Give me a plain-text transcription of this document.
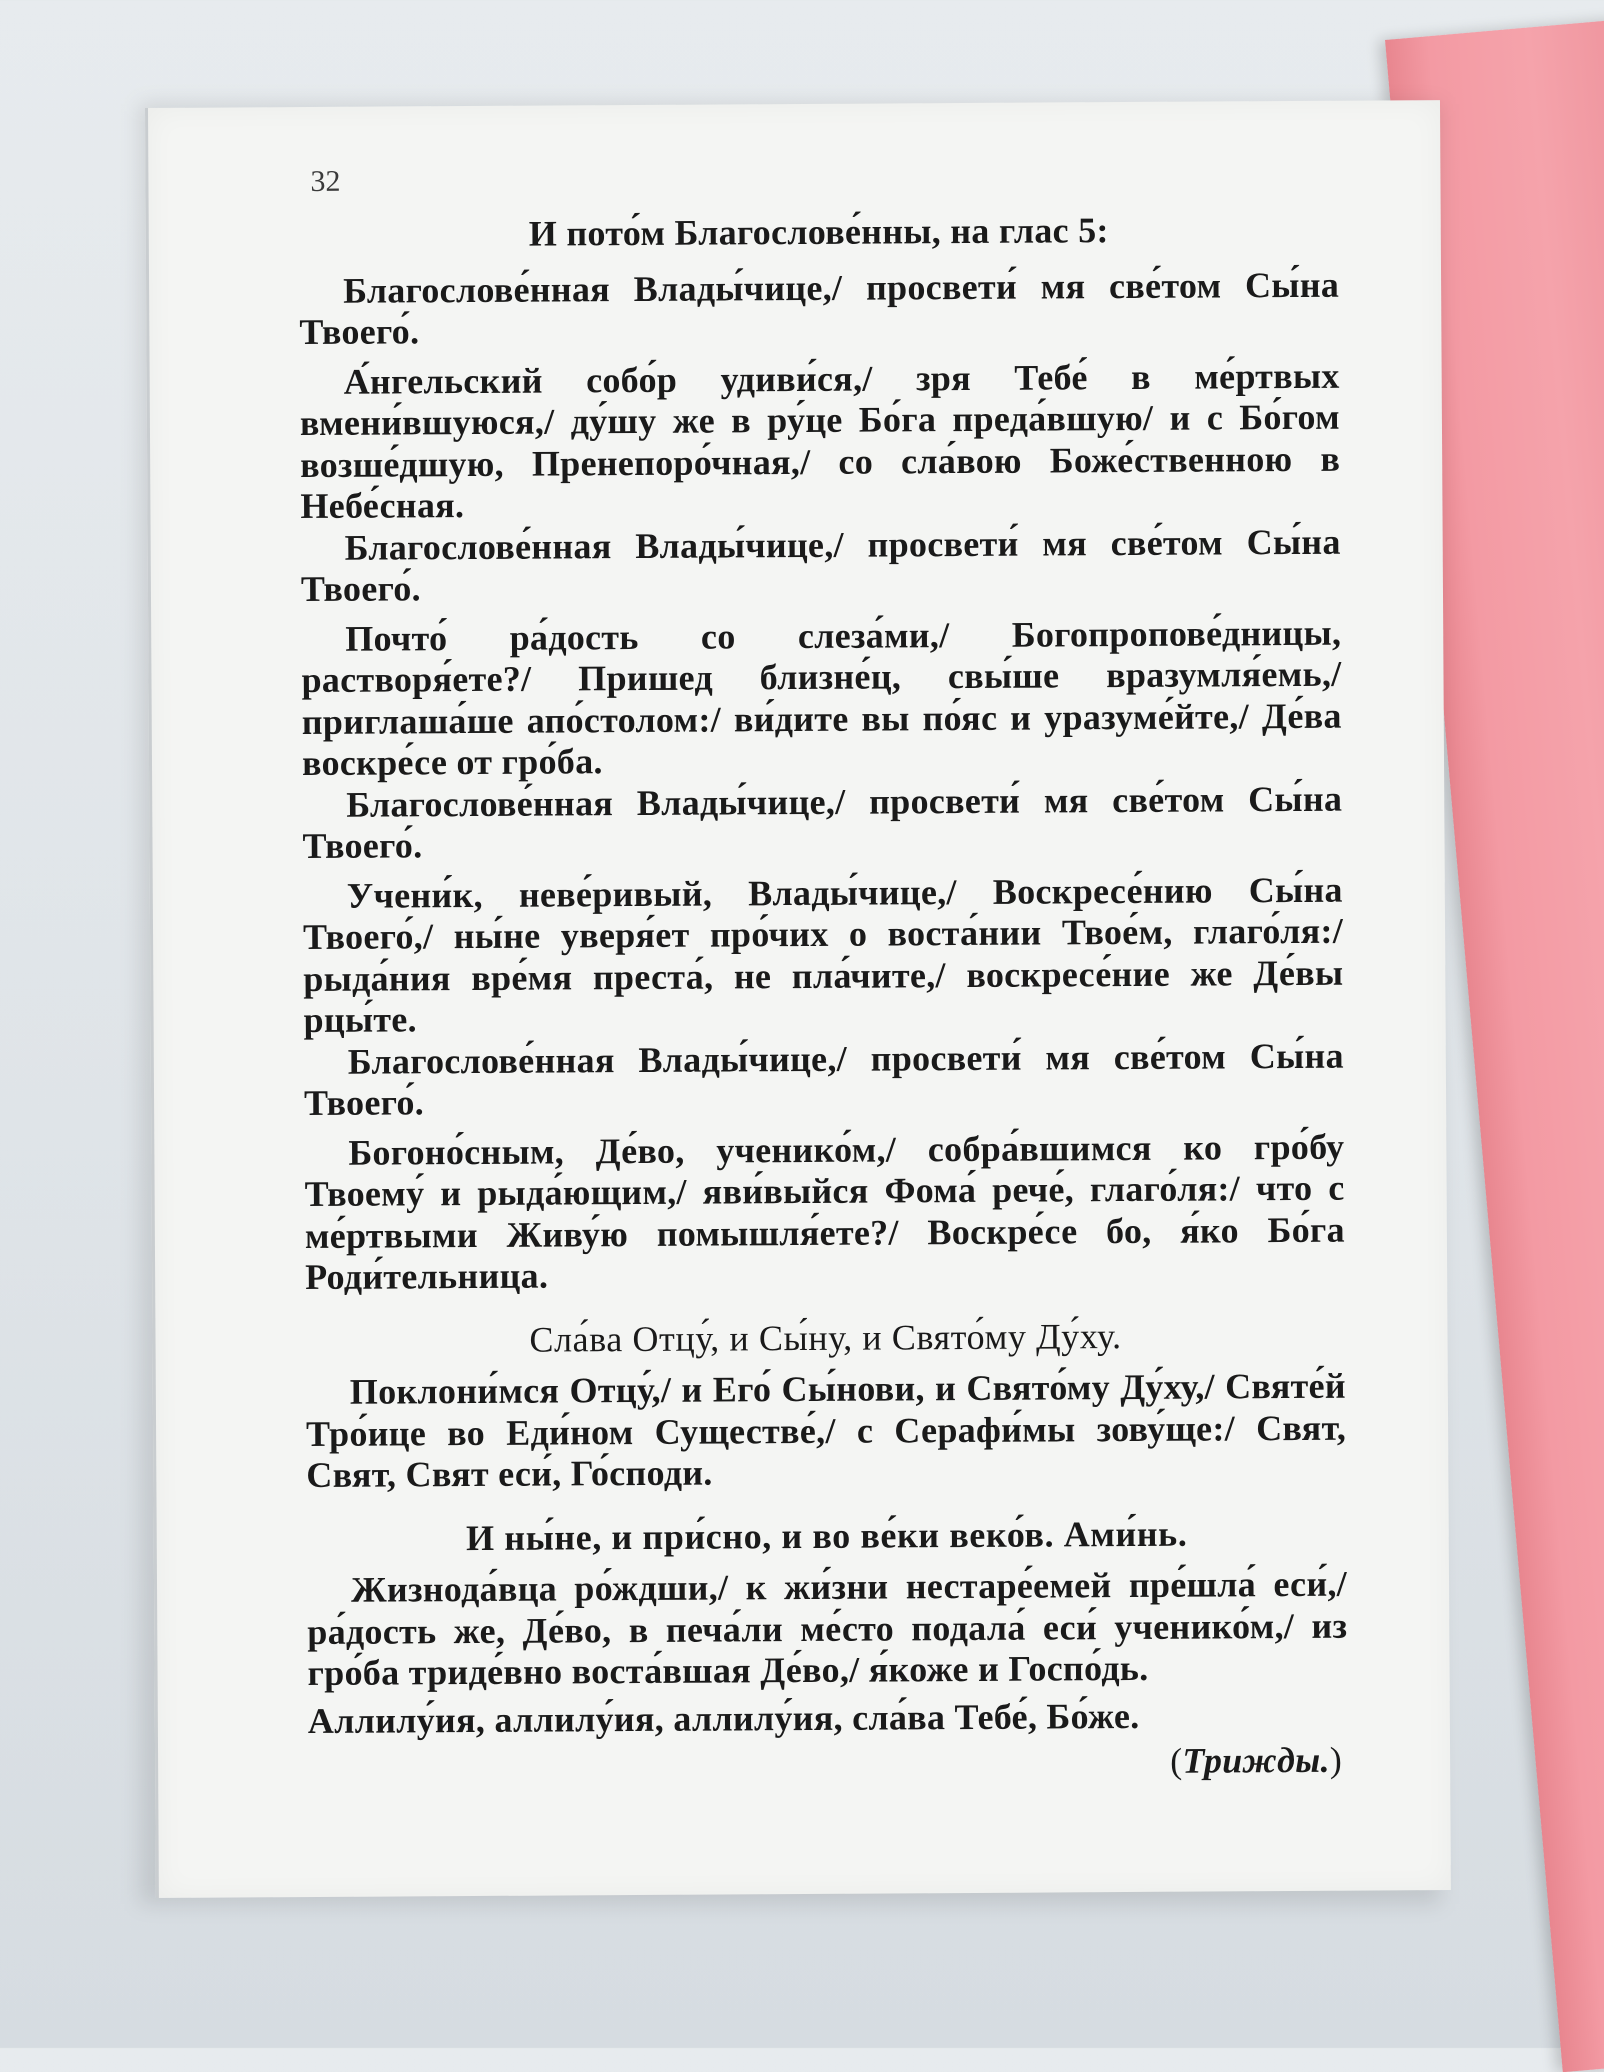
32

И пото́м Благослове́нны, на глас 5:

Благослове́нная Влады́чице,/ просвети́ мя све́том Сы́на Твоего́.

А́нгельский собо́р удиви́ся,/ зря Тебе́ в ме́ртвых вмени́вшуюся,/ ду́шу же в ру́це Бо́га преда́вшую/ и с Бо́гом возше́дшую, Пренепоро́чная,/ со сла́вою Боже́ственною в Небе́сная.

Благослове́нная Влады́чице,/ просвети́ мя све́том Сы́на Твоего́.

Почто́ ра́дость со слеза́ми,/ Богопропове́дницы, растворя́ете?/ Пришед близне́ц, свы́ше вразумля́емь,/ приглаша́ше апо́столом:/ ви́дите вы по́яс и уразуме́йте,/ Де́ва воскре́се от гро́ба.

Благослове́нная Влады́чице,/ просвети́ мя све́том Сы́на Твоего́.

Учени́к, неве́ривый, Влады́чице,/ Воскресе́нию Сы́на Твоего́,/ ны́не уверя́ет про́чих о воста́нии Твое́м, глаго́ля:/ рыда́ния вре́мя преста́, не пла́чите,/ воскресе́ние же Де́вы рцы́те.

Благослове́нная Влады́чице,/ просвети́ мя све́том Сы́на Твоего́.

Богоно́сным, Де́во, ученико́м,/ собра́вшимся ко гро́бу Твоему́ и рыда́ющим,/ яви́выйся Фома́ рече́, глаго́ля:/ что с ме́ртвыми Живу́ю помышля́ете?/ Воскре́се бо, я́ко Бо́га Роди́тельница.

Сла́ва Отцу́, и Сы́ну, и Свято́му Ду́ху.

Поклони́мся Отцу́,/ и Его́ Сы́нови, и Свято́му Ду́ху,/ Святе́й Тро́ице во Еди́ном Существе́,/ с Серафи́мы зову́ще:/ Свят, Свят, Свят еси́, Го́споди.

И ны́не, и при́сно, и во ве́ки веко́в. Ами́нь.

Жизнода́вца ро́ждши,/ к жи́зни нестаре́емей пре́шла́ еси́,/ ра́дость же, Де́во, в печа́ли ме́сто подала́ еси́ ученико́м,/ из гро́ба триде́вно воста́вшая Де́во,/ я́коже и Госпо́дь.

Аллилу́ия, аллилу́ия, аллилу́ия, сла́ва Тебе́, Бо́же.

(Трижды.)
